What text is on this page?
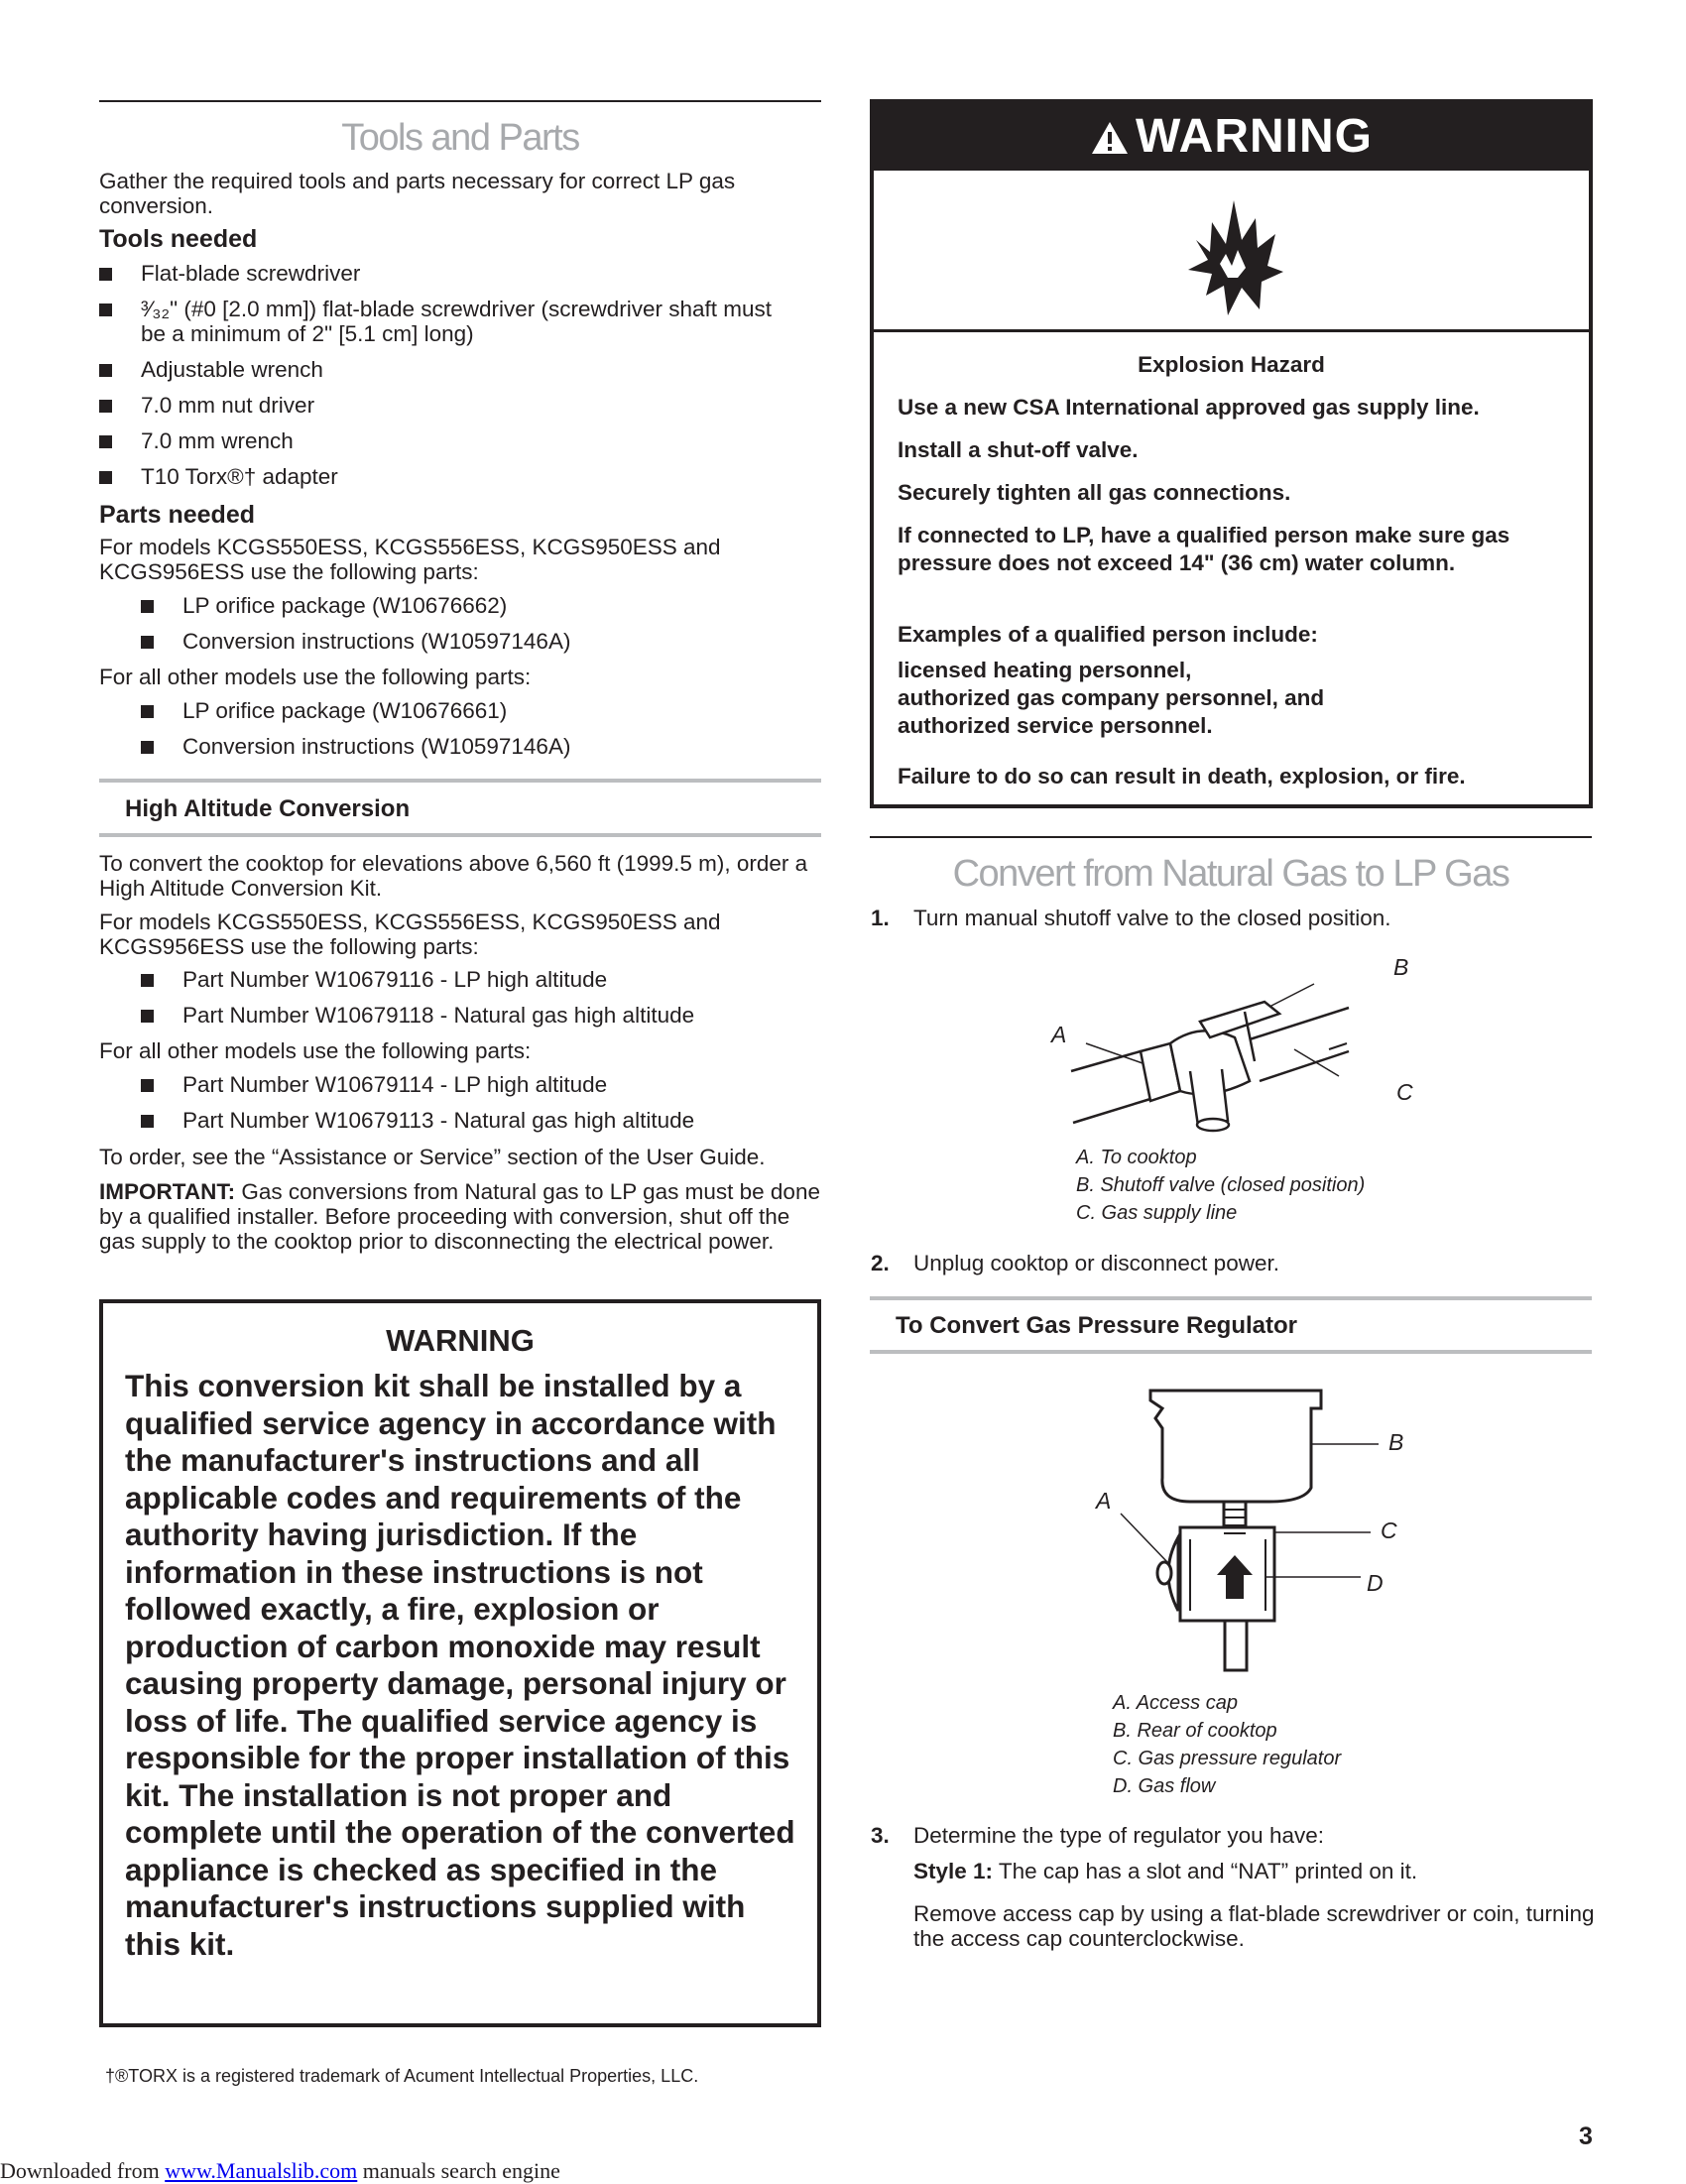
Tools and Parts

Gather the required tools and parts necessary for correct LP gas conversion.

Tools needed
Flat-blade screwdriver
³⁄₃₂" (#0 [2.0 mm]) flat-blade screwdriver (screwdriver shaft must be a minimum of 2" [5.1 cm] long)
Adjustable wrench
7.0 mm nut driver
7.0 mm wrench
T10 Torx®† adapter
Parts needed

For models KCGS550ESS, KCGS556ESS, KCGS950ESS and KCGS956ESS use the following parts:

LP orifice package (W10676662)
Conversion instructions (W10597146A)

For all other models use the following parts:

LP orifice package (W10676661)
Conversion instructions (W10597146A)
High Altitude Conversion

To convert the cooktop for elevations above 6,560 ft (1999.5 m), order a High Altitude Conversion Kit.

For models KCGS550ESS, KCGS556ESS, KCGS950ESS and KCGS956ESS use the following parts:

Part Number W10679116 - LP high altitude
Part Number W10679118 - Natural gas high altitude

For all other models use the following parts:

Part Number W10679114 - LP high altitude
Part Number W10679113 - Natural gas high altitude

To order, see the “Assistance or Service” section of the User Guide.

IMPORTANT: Gas conversions from Natural gas to LP gas must be done by a qualified installer. Before proceeding with conversion, shut off the gas supply to the cooktop prior to disconnecting the electrical power.

WARNING
This conversion kit shall be installed by a qualified service agency in accordance with the manufacturer's instructions and all applicable codes and requirements of the authority having jurisdiction. If the information in these instructions is not followed exactly, a fire, explosion or production of carbon monoxide may result causing property damage, personal injury or loss of life. The qualified service agency is responsible for the proper installation of this kit. The installation is not proper and complete until the operation of the converted appliance is checked as specified in the manufacturer's instructions supplied with this kit.
†®TORX is a registered trademark of Acument Intellectual Properties, LLC.
WARNING
Explosion Hazard
Use a new CSA International approved gas supply line.
Install a shut-off valve.
Securely tighten all gas connections.
If connected to LP, have a qualified person make sure gas pressure does not exceed 14" (36 cm) water column.
Examples of a qualified person include:
licensed heating personnel,
authorized gas company personnel, and
authorized service personnel.
Failure to do so can result in death, explosion, or fire.
Convert from Natural Gas to LP Gas
1. Turn manual shutoff valve to the closed position.

A
B
C
A. To cooktop
B. Shutoff valve (closed position)
C. Gas supply line
2. Unplug cooktop or disconnect power.

To Convert Gas Pressure Regulator
A
B
C
D
A. Access cap
B. Rear of cooktop
C. Gas pressure regulator
D. Gas flow
3. Determine the type of regulator you have:

Style 1: The cap has a slot and “NAT” printed on it.

Remove access cap by using a flat-blade screwdriver or coin, turning the access cap counterclockwise.

3
Downloaded from www.Manualslib.com manuals search engine
